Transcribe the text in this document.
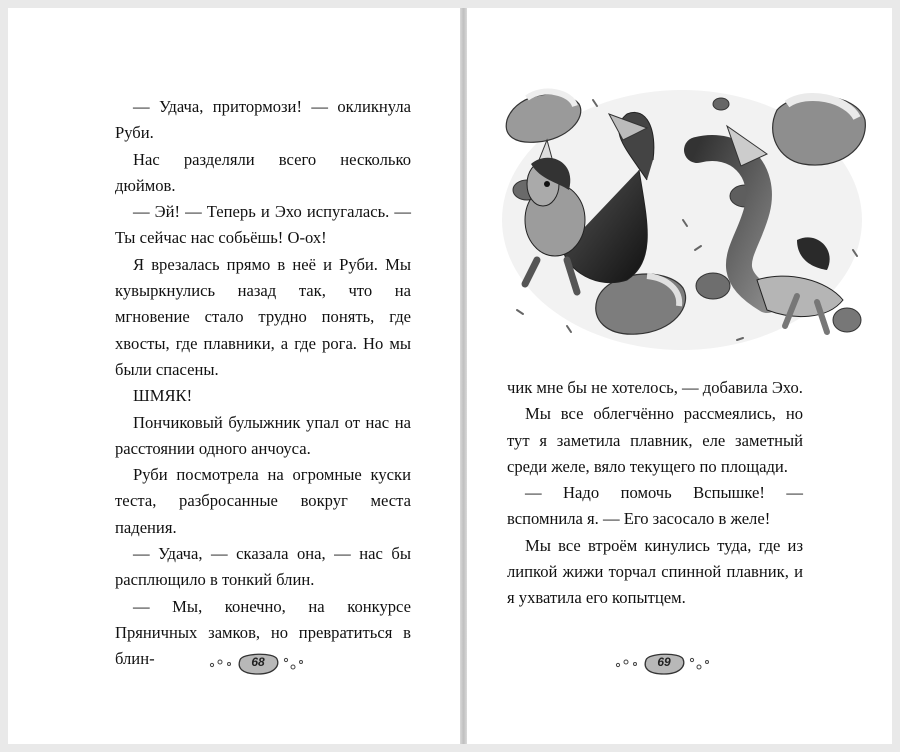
— Удача, притормози! — окликнула Руби.

Нас разделяли всего несколько дюймов.

— Эй! — Теперь и Эхо испугалась. — Ты сейчас нас собьёшь! О-ох!

Я врезалась прямо в неё и Руби. Мы кувыркнулись назад так, что на мгновение стало трудно понять, где хвосты, где плавники, а где рога. Но мы были спасены.

ШМЯК!

Пончиковый булыжник упал от нас на расстоянии одного анчоуса.

Руби посмотрела на огромные куски теста, разбросанные вокруг места падения.

— Удача, — сказала она, — нас бы расплющило в тонкий блин.

— Мы, конечно, на конкурсе Пряничных замков, но превратиться в блин-	68

чик мне бы не хотелось, — добавила Эхо.

Мы все облегчённо рассмеялись, но тут я заметила плавник, еле заметный среди желе, вяло текущего по площади.

— Надо помочь Вспышке! — вспомнила я. — Его засосало в желе!

Мы все втроём кинулись туда, где из липкой жижи торчал спинной плавник, и я ухватила его копытцем.

69
